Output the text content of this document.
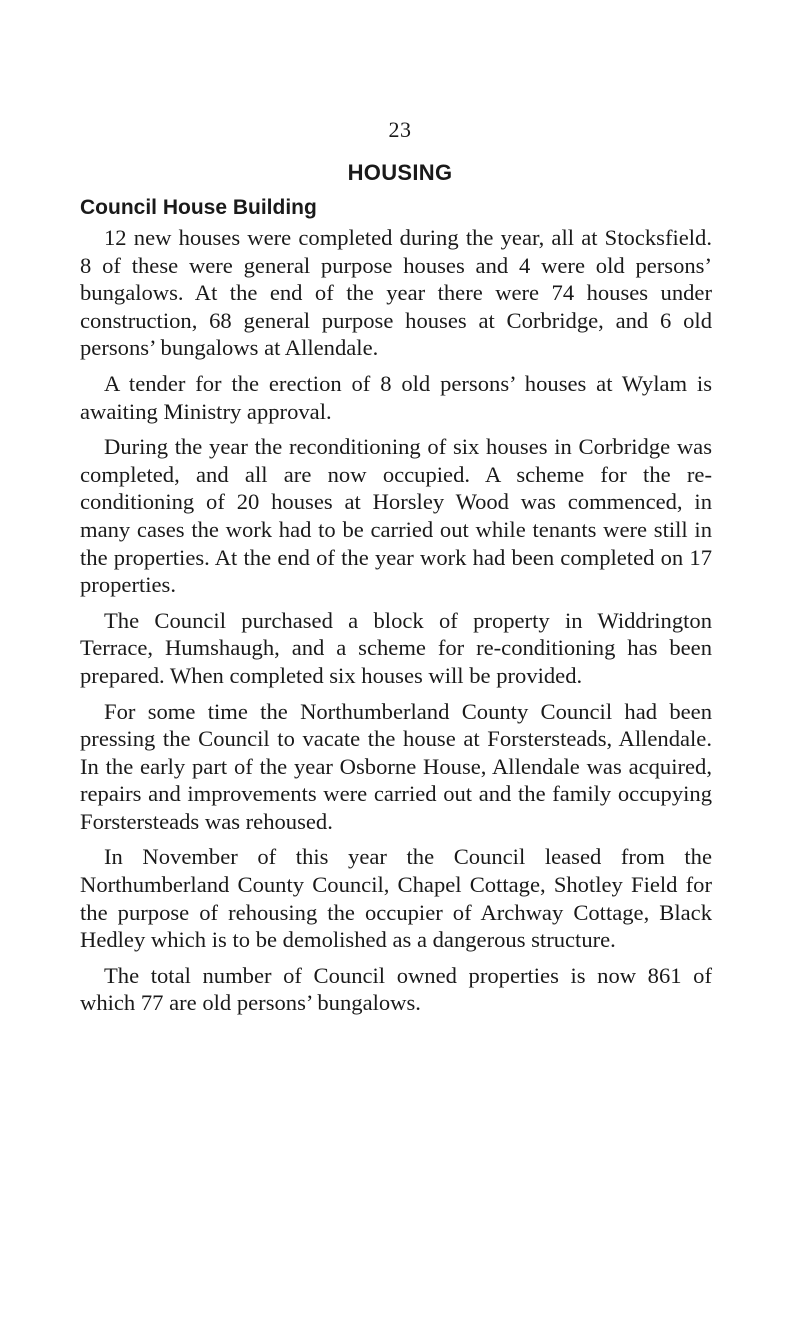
23
HOUSING
Council House Building

12 new houses were completed during the year, all at Stocksfield. 8 of these were general purpose houses and 4 were old persons’ bungalows. At the end of the year there were 74 houses under construction, 68 general purpose houses at Corbridge, and 6 old persons’ bungalows at Allendale.

A tender for the erection of 8 old persons’ houses at Wylam is awaiting Ministry approval.

During the year the reconditioning of six houses in Corbridge was completed, and all are now occupied. A scheme for the re-conditioning of 20 houses at Horsley Wood was commenced, in many cases the work had to be carried out while tenants were still in the properties. At the end of the year work had been completed on 17 properties.

The Council purchased a block of property in Widdrington Terrace, Humshaugh, and a scheme for re-conditioning has been prepared. When completed six houses will be provided.

For some time the Northumberland County Council had been pressing the Council to vacate the house at Forstersteads, Allendale. In the early part of the year Osborne House, Allendale was acquired, repairs and improvements were carried out and the family occupying Forstersteads was rehoused.

In November of this year the Council leased from the Northumberland County Council, Chapel Cottage, Shotley Field for the purpose of rehousing the occupier of Archway Cottage, Black Hedley which is to be demolished as a dangerous structure.

The total number of Council owned properties is now 861 of which 77 are old persons’ bungalows.
